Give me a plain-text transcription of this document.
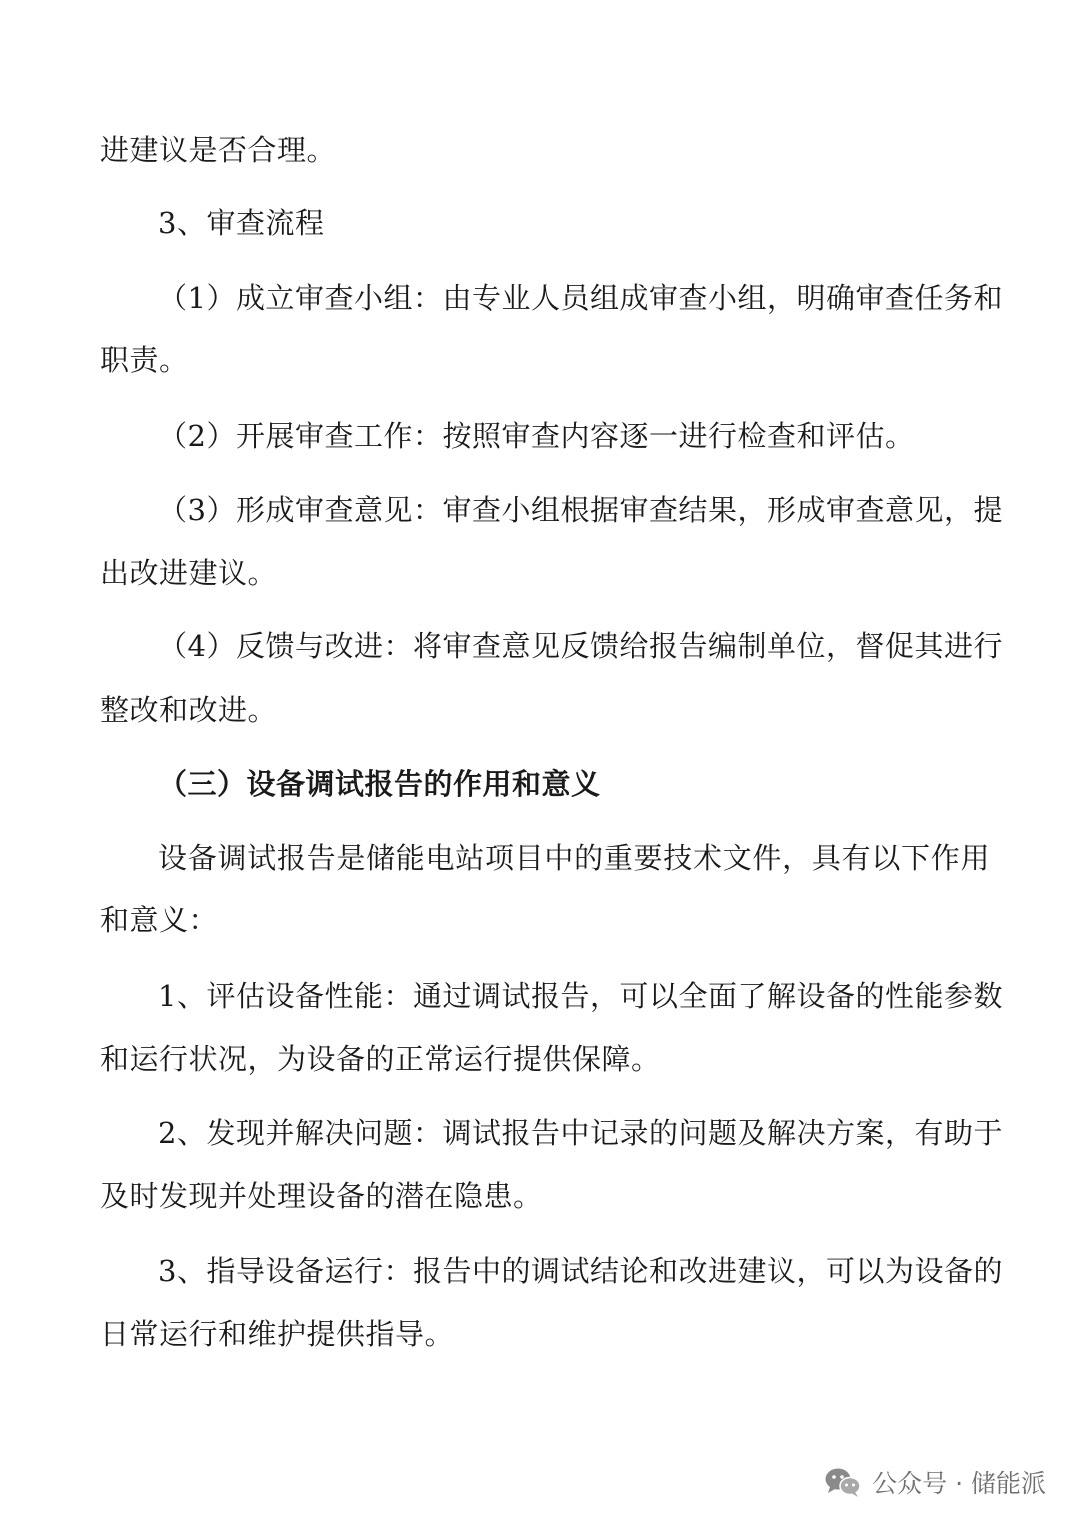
进建议是否合理。
3、审查流程
（1）成立审查小组：由专业人员组成审查小组，明确审查任务和
职责。
（2）开展审查工作：按照审查内容逐一进行检查和评估。
（3）形成审查意见：审查小组根据审查结果，形成审查意见，提
出改进建议。
（4）反馈与改进：将审查意见反馈给报告编制单位，督促其进行
整改和改进。
（三）设备调试报告的作用和意义
设备调试报告是储能电站项目中的重要技术文件，具有以下作用
和意义：
1、评估设备性能：通过调试报告，可以全面了解设备的性能参数
和运行状况，为设备的正常运行提供保障。
2、发现并解决问题：调试报告中记录的问题及解决方案，有助于
及时发现并处理设备的潜在隐患。
3、指导设备运行：报告中的调试结论和改进建议，可以为设备的
日常运行和维护提供指导。
公众号 · 储能派
